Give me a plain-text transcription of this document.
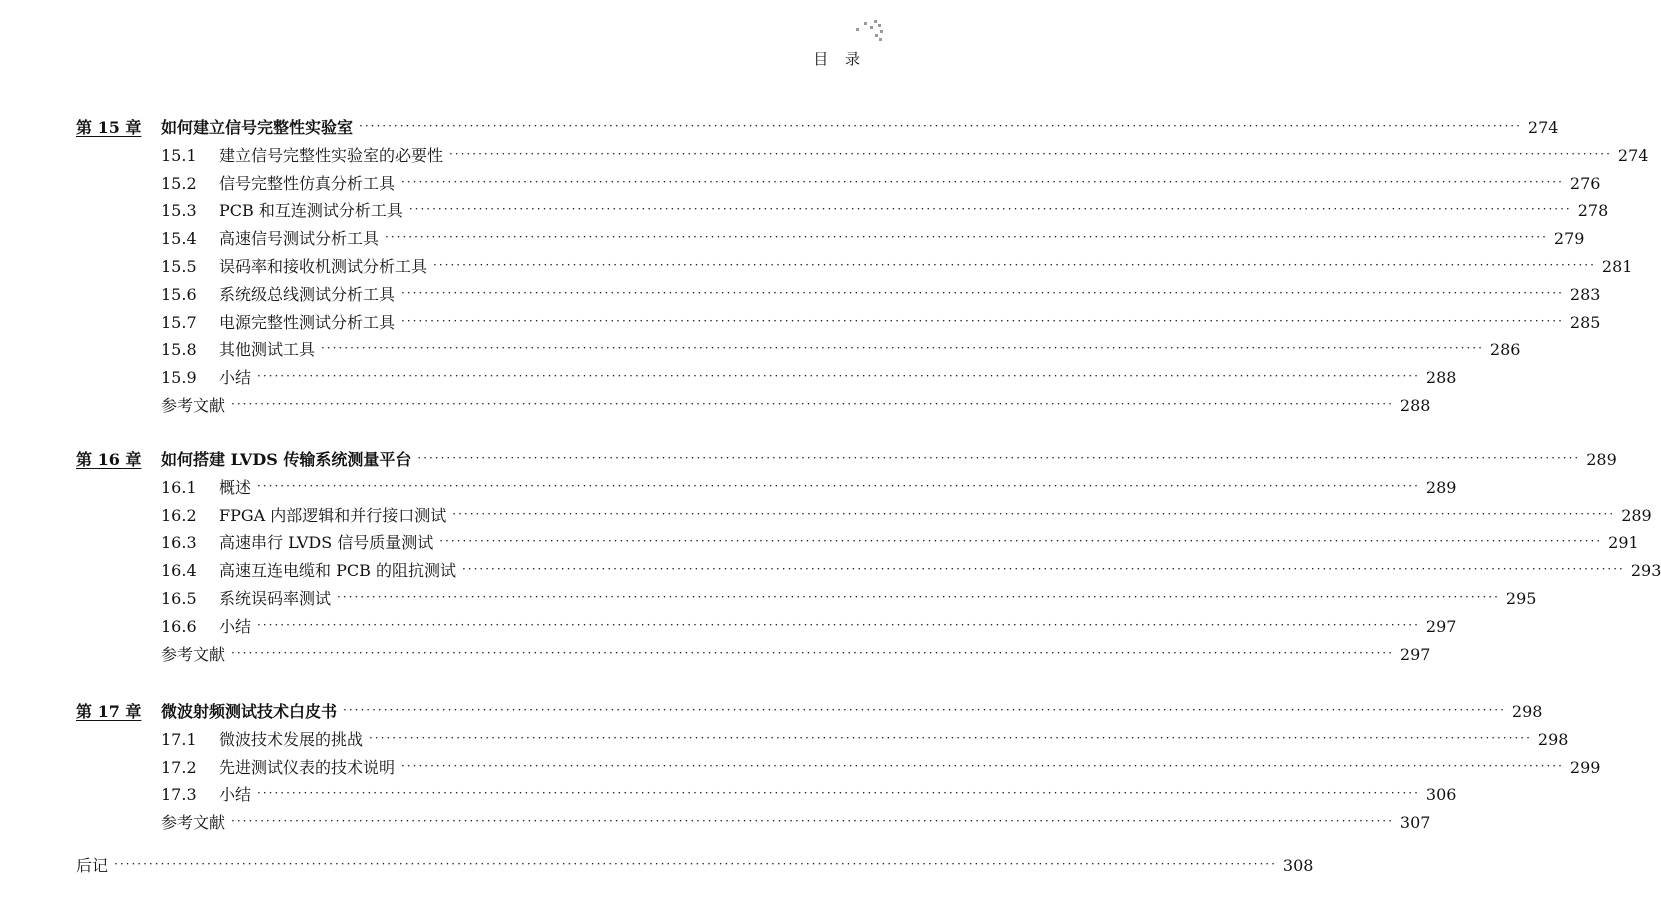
目 录
第 15 章 如何建立信号完整性实验室 ········································································································································································································ 274
15.1 建立信号完整性实验室的必要性 ········································································································································································································ 274
15.2 信号完整性仿真分析工具 ········································································································································································································ 276
15.3 PCB 和互连测试分析工具 ········································································································································································································ 278
15.4 高速信号测试分析工具 ········································································································································································································ 279
15.5 误码率和接收机测试分析工具 ········································································································································································································ 281
15.6 系统级总线测试分析工具 ········································································································································································································ 283
15.7 电源完整性测试分析工具 ········································································································································································································ 285
15.8 其他测试工具 ········································································································································································································ 286
15.9 小结 ········································································································································································································ 288
参考文献 ········································································································································································································ 288
第 16 章 如何搭建 LVDS 传输系统测量平台 ········································································································································································································ 289
16.1 概述 ········································································································································································································ 289
16.2 FPGA 内部逻辑和并行接口测试 ········································································································································································································ 289
16.3 高速串行 LVDS 信号质量测试 ········································································································································································································ 291
16.4 高速互连电缆和 PCB 的阻抗测试 ········································································································································································································ 293
16.5 系统误码率测试 ········································································································································································································ 295
16.6 小结 ········································································································································································································ 297
参考文献 ········································································································································································································ 297
第 17 章 微波射频测试技术白皮书 ········································································································································································································ 298
17.1 微波技术发展的挑战 ········································································································································································································ 298
17.2 先进测试仪表的技术说明 ········································································································································································································ 299
17.3 小结 ········································································································································································································ 306
参考文献 ········································································································································································································ 307
后记 ········································································································································································································ 308
